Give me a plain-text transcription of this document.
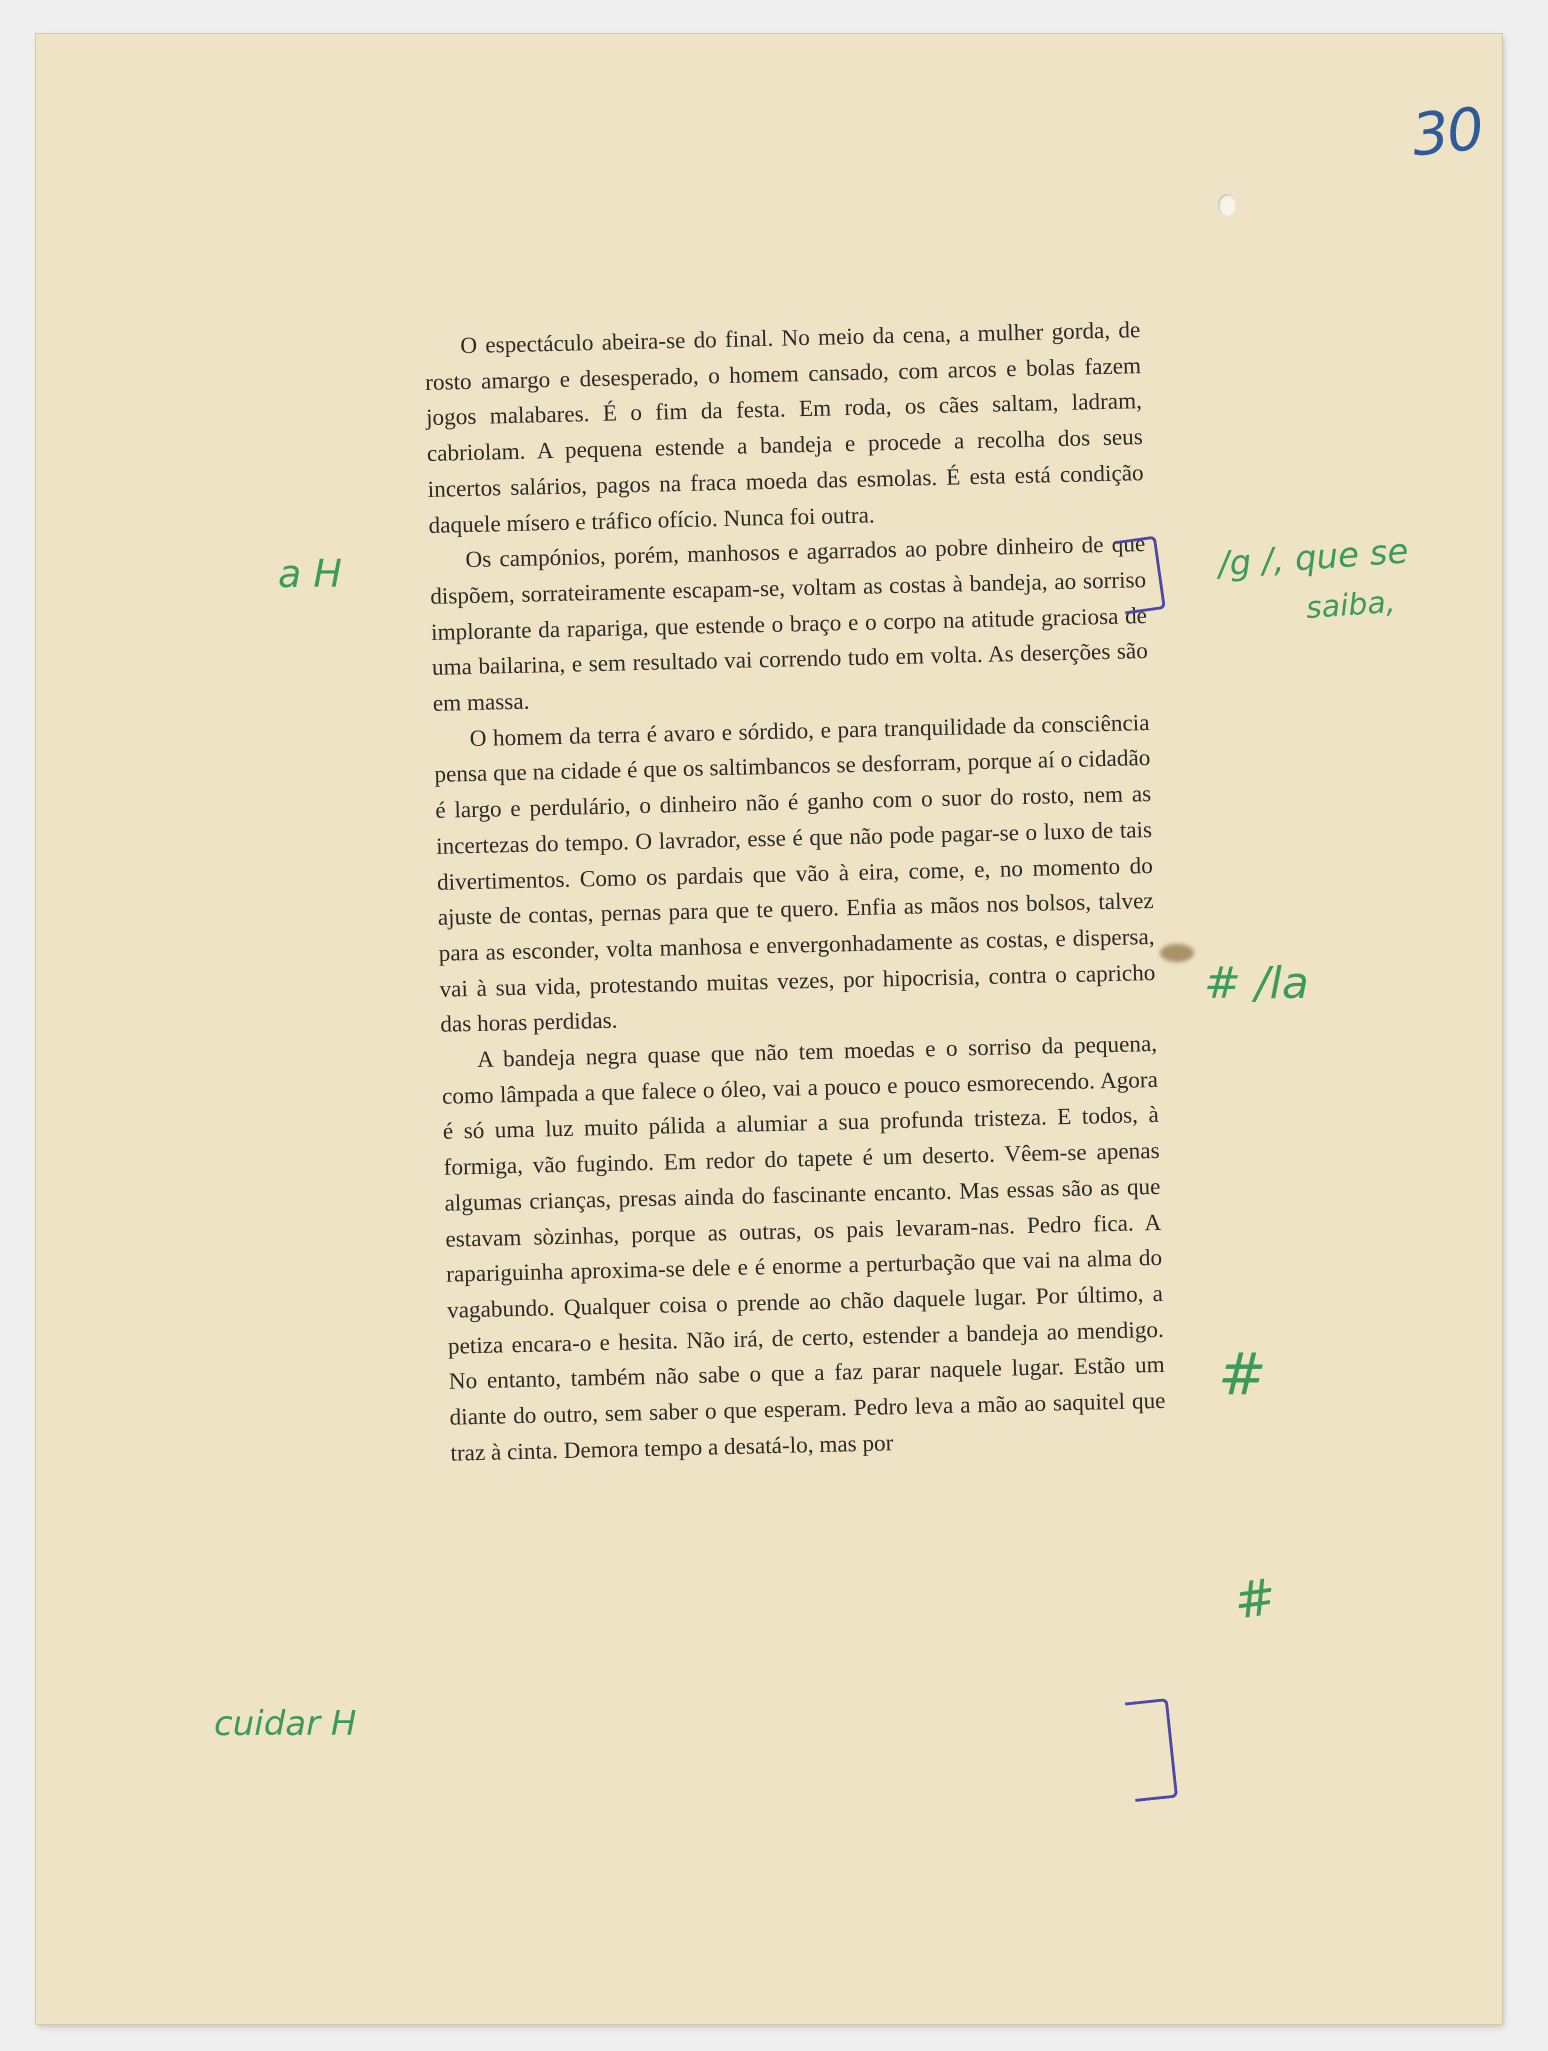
30

O espectáculo abeira-se do final. No meio da cena, a mulher gorda, de rosto amargo e desesperado, o homem cansado, com arcos e bolas fazem jogos malabares. É o fim da festa. Em roda, os cães saltam, ladram, cabriolam. A pequena estende a bandeja e procede a recolha dos seus incertos salários, pagos na fraca moeda das esmolas. É esta está condição daquele mísero e tráfico ofício. Nunca foi outra.

Os campónios, porém, manhosos e agarrados ao pobre dinheiro de que dispõem, sorrateiramente escapam-se, voltam as costas à bandeja, ao sorriso implorante da rapariga, que estende o braço e o corpo na atitude graciosa de uma bailarina, e sem resultado vai correndo tudo em volta. As deserções são em massa.

O homem da terra é avaro e sórdido, e para tranquilidade da consciência pensa que na cidade é que os saltimbancos se desforram, porque aí o cidadão é largo e perdulário, o dinheiro não é ganho com o suor do rosto, nem as incertezas do tempo. O lavrador, esse é que não pode pagar-se o luxo de tais divertimentos. Como os pardais que vão à eira, come, e, no momento do ajuste de contas, pernas para que te quero. Enfia as mãos nos bolsos, talvez para as esconder, volta manhosa e envergonhadamente as costas, e dispersa, vai à sua vida, protestando muitas vezes, por hipocrisia, contra o capricho das horas perdidas.

A bandeja negra quase que não tem moedas e o sorriso da pequena, como lâmpada a que falece o óleo, vai a pouco e pouco esmorecendo. Agora é só uma luz muito pálida a alumiar a sua profunda tristeza. E todos, à formiga, vão fugindo. Em redor do tapete é um deserto. Vêem-se apenas algumas crianças, presas ainda do fascinante encanto. Mas essas são as que estavam sòzinhas, porque as outras, os pais levaram-nas. Pedro fica. A rapariguinha aproxima-se dele e é enorme a perturbação que vai na alma do vagabundo. Qualquer coisa o prende ao chão daquele lugar. Por último, a petiza encara-o e hesita. Não irá, de certo, estender a bandeja ao mendigo. No entanto, também não sabe o que a faz parar naquele lugar. Estão um diante do outro, sem saber o que esperam. Pedro leva a mão ao saquitel que traz à cinta. Demora tempo a desatá-lo, mas por

a H	/g /, que se
saiba,
# /la
#
#
cuidar H
